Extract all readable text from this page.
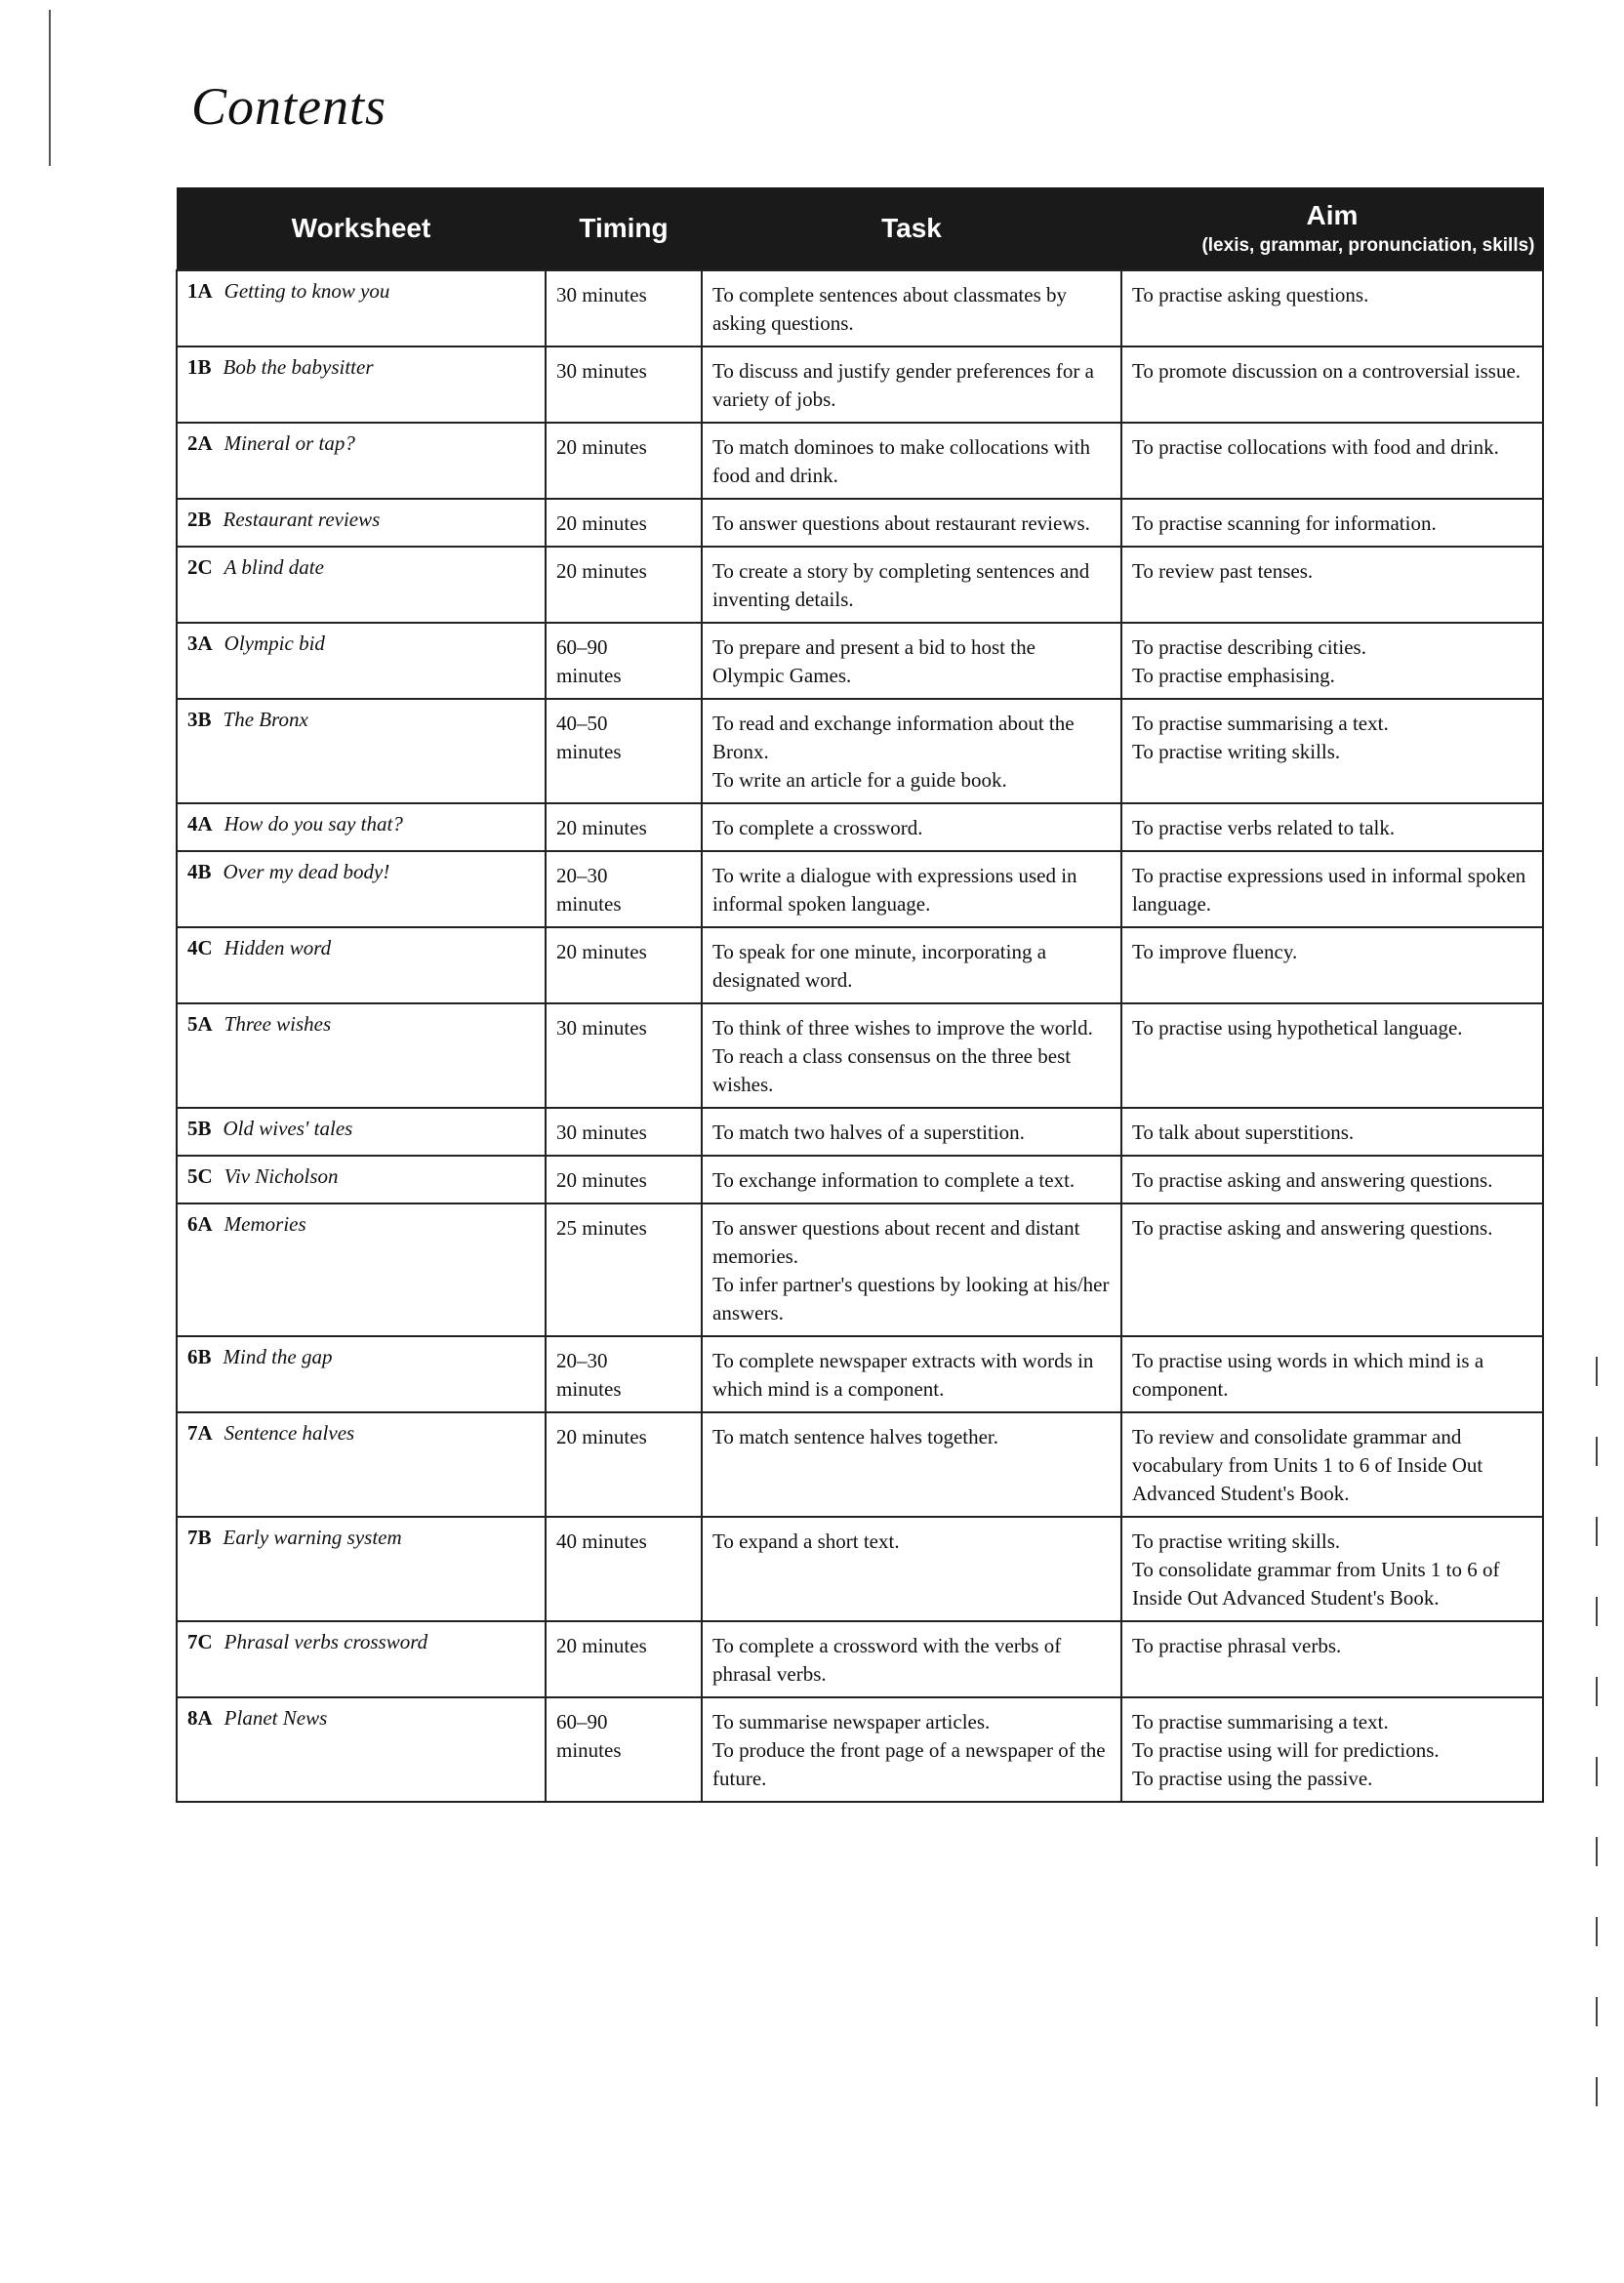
Contents
Worksheet	Timing	Task	Aim
(lexis, grammar, pronunciation, skills)

1A Getting to know you	30 minutes	To complete sentences about classmates by asking questions.	To practise asking questions.

1B Bob the babysitter	30 minutes	To discuss and justify gender preferences for a variety of jobs.	To promote discussion on a controversial issue.

2A Mineral or tap?	20 minutes	To match dominoes to make collocations with food and drink.	To practise collocations with food and drink.

2B Restaurant reviews	20 minutes	To answer questions about restaurant reviews.	To practise scanning for information.

2C A blind date	20 minutes	To create a story by completing sentences and inventing details.	To review past tenses.

3A Olympic bid	60–90
minutes	To prepare and present a bid to host the Olympic Games.	To practise describing cities.
To practise emphasising.

3B The Bronx	40–50
minutes	To read and exchange information about the Bronx.
To write an article for a guide book.	To practise summarising a text.
To practise writing skills.

4A How do you say that?	20 minutes	To complete a crossword.	To practise verbs related to talk.

4B Over my dead body!	20–30
minutes	To write a dialogue with expressions used in informal spoken language.	To practise expressions used in informal spoken language.

4C Hidden word	20 minutes	To speak for one minute, incorporating a designated word.	To improve fluency.

5A Three wishes	30 minutes	To think of three wishes to improve the world.
To reach a class consensus on the three best wishes.	To practise using hypothetical language.

5B Old wives' tales	30 minutes	To match two halves of a superstition.	To talk about superstitions.

5C Viv Nicholson	20 minutes	To exchange information to complete a text.	To practise asking and answering questions.

6A Memories	25 minutes	To answer questions about recent and distant memories.
To infer partner's questions by looking at his/her answers.	To practise asking and answering questions.

6B Mind the gap	20–30
minutes	To complete newspaper extracts with words in which mind is a component.	To practise using words in which mind is a component.

7A Sentence halves	20 minutes	To match sentence halves together.	To review and consolidate grammar and vocabulary from Units 1 to 6 of Inside Out Advanced Student's Book.

7B Early warning system	40 minutes	To expand a short text.	To practise writing skills.
To consolidate grammar from Units 1 to 6 of Inside Out Advanced Student's Book.

7C Phrasal verbs crossword	20 minutes	To complete a crossword with the verbs of phrasal verbs.	To practise phrasal verbs.

8A Planet News	60–90
minutes	To summarise newspaper articles.
To produce the front page of a newspaper of the future.	To practise summarising a text.
To practise using will for predictions.
To practise using the passive.
